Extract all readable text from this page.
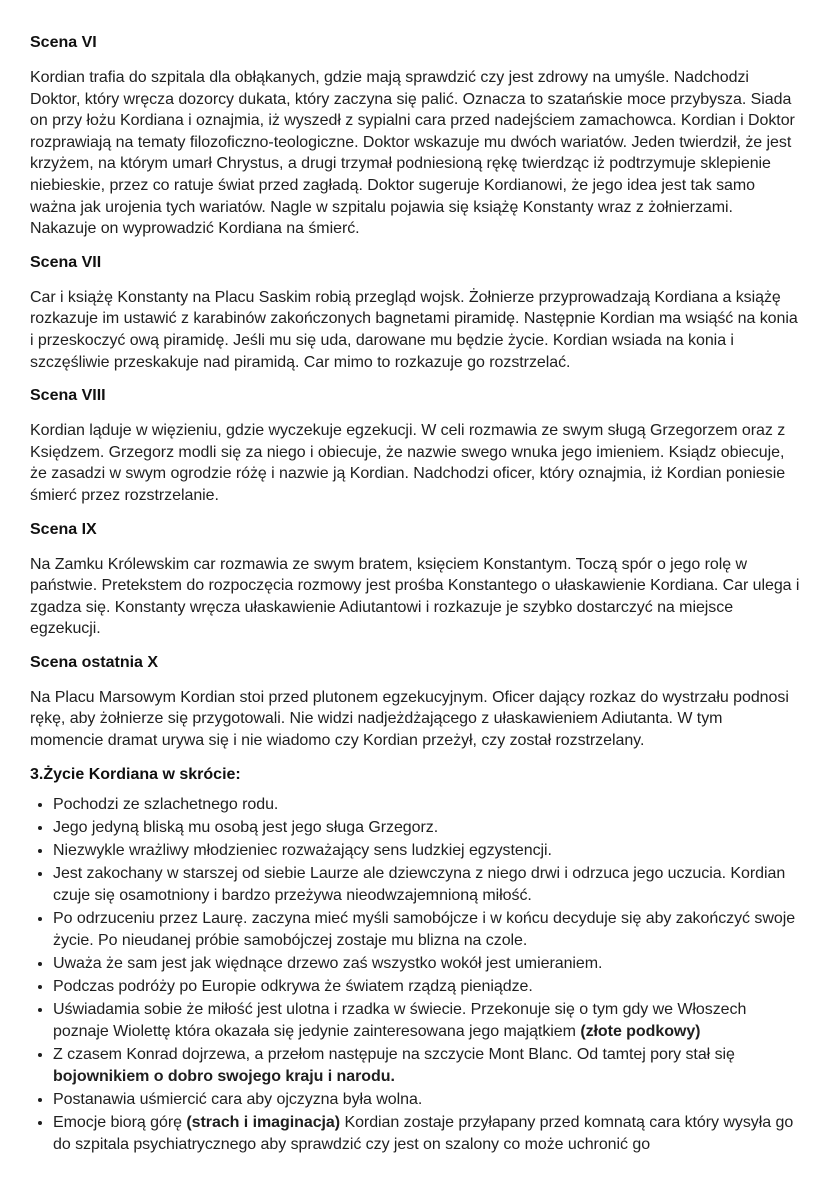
Scena VI

Kordian trafia do szpitala dla obłąkanych, gdzie mają sprawdzić czy jest zdrowy na umyśle. Nadchodzi Doktor, który wręcza dozorcy dukata, który zaczyna się palić. Oznacza to szatańskie moce przybysza. Siada on przy łożu Kordiana i oznajmia, iż wyszedł z sypialni cara przed nadejściem zamachowca. Kordian i Doktor rozprawiają na tematy filozoficzno-teologiczne. Doktor wskazuje mu dwóch wariatów. Jeden twierdził, że jest krzyżem, na którym umarł Chrystus, a drugi trzymał podniesioną rękę twierdząc iż podtrzymuje sklepienie niebieskie, przez co ratuje świat przed zagładą. Doktor sugeruje Kordianowi, że jego idea jest tak samo ważna jak urojenia tych wariatów. Nagle w szpitalu pojawia się książę Konstanty wraz z żołnierzami. Nakazuje on wyprowadzić Kordiana na śmierć.

Scena VII

Car i książę Konstanty na Placu Saskim robią przegląd wojsk. Żołnierze przyprowadzają Kordiana a książę rozkazuje im ustawić z karabinów zakończonych bagnetami piramidę. Następnie Kordian ma wsiąść na konia i przeskoczyć ową piramidę. Jeśli mu się uda, darowane mu będzie życie. Kordian wsiada na konia i szczęśliwie przeskakuje nad piramidą. Car mimo to rozkazuje go rozstrzelać.

Scena VIII

Kordian ląduje w więzieniu, gdzie wyczekuje egzekucji. W celi rozmawia ze swym sługą Grzegorzem oraz z Księdzem. Grzegorz modli się za niego i obiecuje, że nazwie swego wnuka jego imieniem. Ksiądz obiecuje, że zasadzi w swym ogrodzie różę i nazwie ją Kordian. Nadchodzi oficer, który oznajmia, iż Kordian poniesie śmierć przez rozstrzelanie.

Scena IX

Na Zamku Królewskim car rozmawia ze swym bratem, księciem Konstantym. Toczą spór o jego rolę w państwie. Pretekstem do rozpoczęcia rozmowy jest prośba Konstantego o ułaskawienie Kordiana. Car ulega i zgadza się. Konstanty wręcza ułaskawienie Adiutantowi i rozkazuje je szybko dostarczyć na miejsce egzekucji.

Scena ostatnia X

Na Placu Marsowym Kordian stoi przed plutonem egzekucyjnym. Oficer dający rozkaz do wystrzału podnosi rękę, aby żołnierze się przygotowali. Nie widzi nadjeżdżającego z ułaskawieniem Adiutanta. W tym momencie dramat urywa się i nie wiadomo czy Kordian przeżył, czy został rozstrzelany.

3.Życie Kordiana w skrócie:
• Pochodzi ze szlachetnego rodu.
• Jego jedyną bliską mu osobą jest jego sługa Grzegorz.
• Niezwykle wrażliwy młodzieniec rozważający sens ludzkiej egzystencji.
• Jest zakochany w starszej od siebie Laurze ale dziewczyna z niego drwi i odrzuca jego uczucia. Kordian czuje się osamotniony i bardzo przeżywa nieodwzajemnioną miłość.
• Po odrzuceniu przez Laurę. zaczyna mieć myśli samobójcze i w końcu decyduje się aby zakończyć swoje życie. Po nieudanej próbie samobójczej zostaje mu blizna na czole.
• Uważa że sam jest jak więdnące drzewo zaś wszystko wokół jest umieraniem.
• Podczas podróży po Europie odkrywa że światem rządzą pieniądze.
• Uświadamia sobie że miłość jest ulotna i rzadka w świecie. Przekonuje się o tym gdy we Włoszech poznaje Wiolettę która okazała się jedynie zainteresowana jego majątkiem (złote podkowy)
• Z czasem Konrad dojrzewa, a przełom następuje na szczycie Mont Blanc. Od tamtej pory stał się bojownikiem o dobro swojego kraju i narodu.
• Postanawia uśmiercić cara aby ojczyzna była wolna.
• Emocje biorą górę (strach i imaginacja) Kordian zostaje przyłapany przed komnatą cara który wysyła go do szpitala psychiatrycznego aby sprawdzić czy jest on szalony co może uchronić go
